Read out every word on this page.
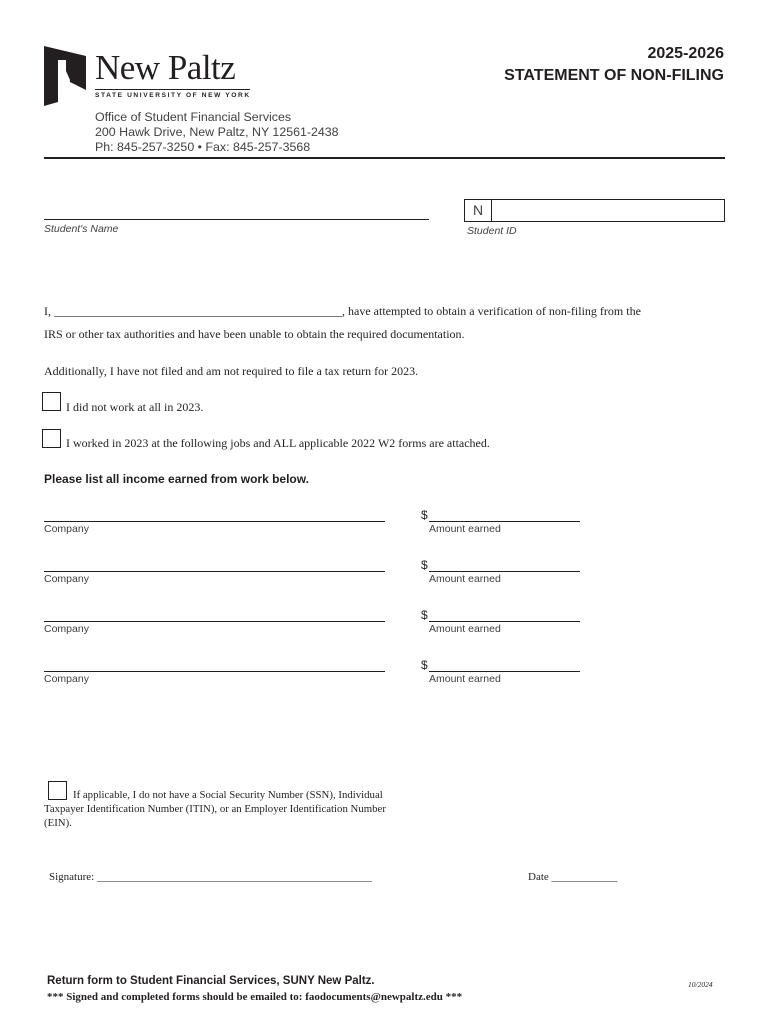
New Paltz
STATE UNIVERSITY OF NEW YORK
2025-2026
STATEMENT OF NON-FILING
Office of Student Financial Services
200 Hawk Drive, New Paltz, NY 12561-2438
Ph: 845-257-3250 • Fax: 845-257-3568
Student's Name
N
Student ID
I, ________________________________________________, have attempted to obtain a verification of non-filing from the
IRS or other tax authorities and have been unable to obtain the required documentation.
Additionally, I have not filed and am not required to file a tax return for 2023.
I did not work at all in 2023.
I worked in 2023 at the following jobs and ALL applicable 2022 W2 forms are attached.
Please list all income earned from work below.
Company
$
Amount earned
Company
$
Amount earned
Company
$
Amount earned
Company
$
Amount earned
If applicable, I do not have a Social Security Number (SSN), Individual
Taxpayer Identification Number (ITIN), or an Employer Identification Number
(EIN).
Signature: __________________________________________________	Date ____________
Return form to Student Financial Services, SUNY New Paltz.
*** Signed and completed forms should be emailed to: faodocuments@newpaltz.edu ***
10/2024
